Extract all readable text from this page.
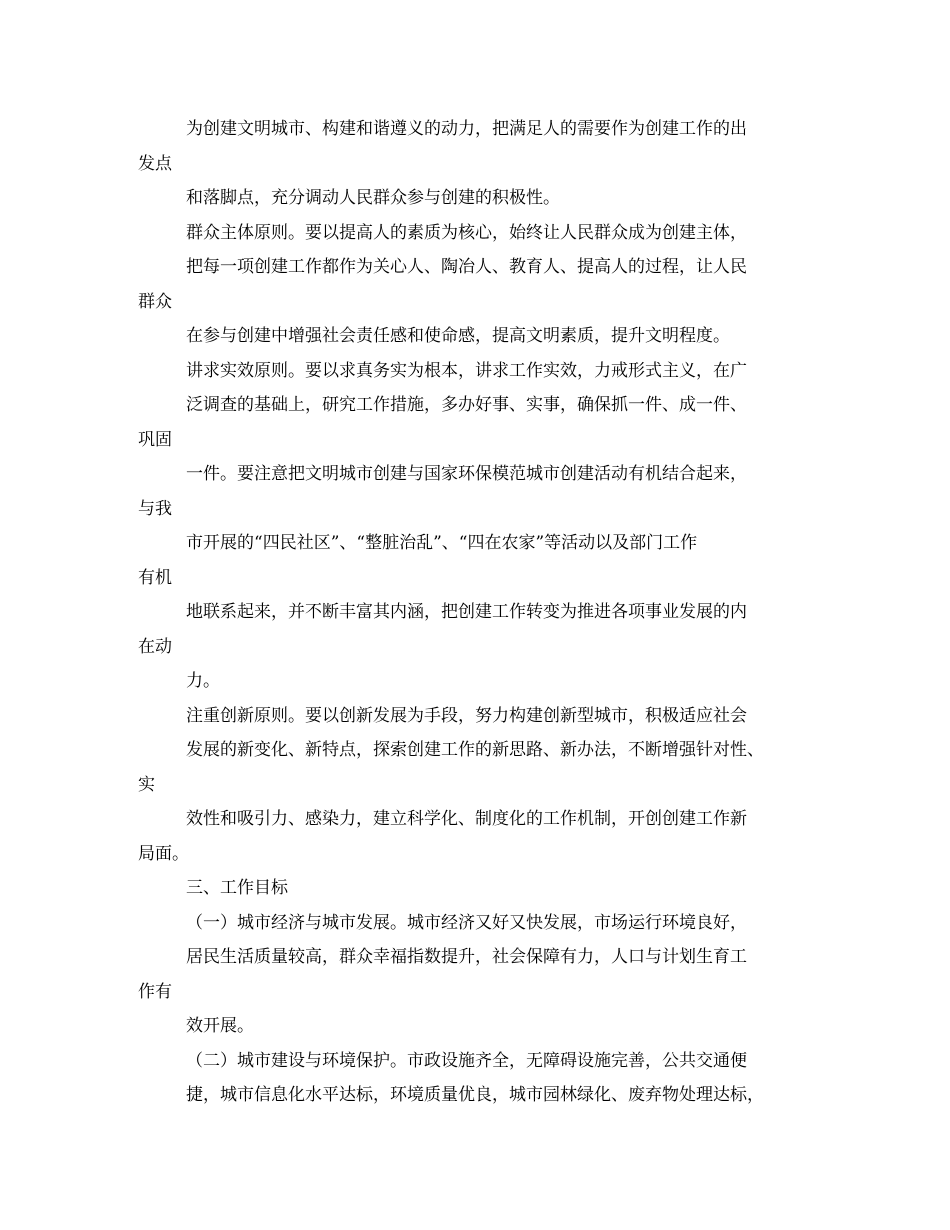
为创建文明城市、构建和谐遵义的动力，把满足人的需要作为创建工作的出
发点
和落脚点，充分调动人民群众参与创建的积极性。
群众主体原则。要以提高人的素质为核心，始终让人民群众成为创建主体，
把每一项创建工作都作为关心人、陶冶人、教育人、提高人的过程，让人民
群众
在参与创建中增强社会责任感和使命感，提高文明素质，提升文明程度。
讲求实效原则。要以求真务实为根本，讲求工作实效，力戒形式主义，在广
泛调查的基础上，研究工作措施，多办好事、实事，确保抓一件、成一件、
巩固
一件。要注意把文明城市创建与国家环保模范城市创建活动有机结合起来，
与我
市开展的“四民社区”、“整脏治乱”、“四在农家”等活动以及部门工作
有机
地联系起来，并不断丰富其内涵，把创建工作转变为推进各项事业发展的内
在动
力。
注重创新原则。要以创新发展为手段，努力构建创新型城市，积极适应社会
发展的新变化、新特点，探索创建工作的新思路、新办法，不断增强针对性、
实
效性和吸引力、感染力，建立科学化、制度化的工作机制，开创创建工作新
局面。
三、工作目标
（一）城市经济与城市发展。城市经济又好又快发展，市场运行环境良好，
居民生活质量较高，群众幸福指数提升，社会保障有力，人口与计划生育工
作有
效开展。
（二）城市建设与环境保护。市政设施齐全，无障碍设施完善，公共交通便
捷，城市信息化水平达标，环境质量优良，城市园林绿化、废弃物处理达标，
